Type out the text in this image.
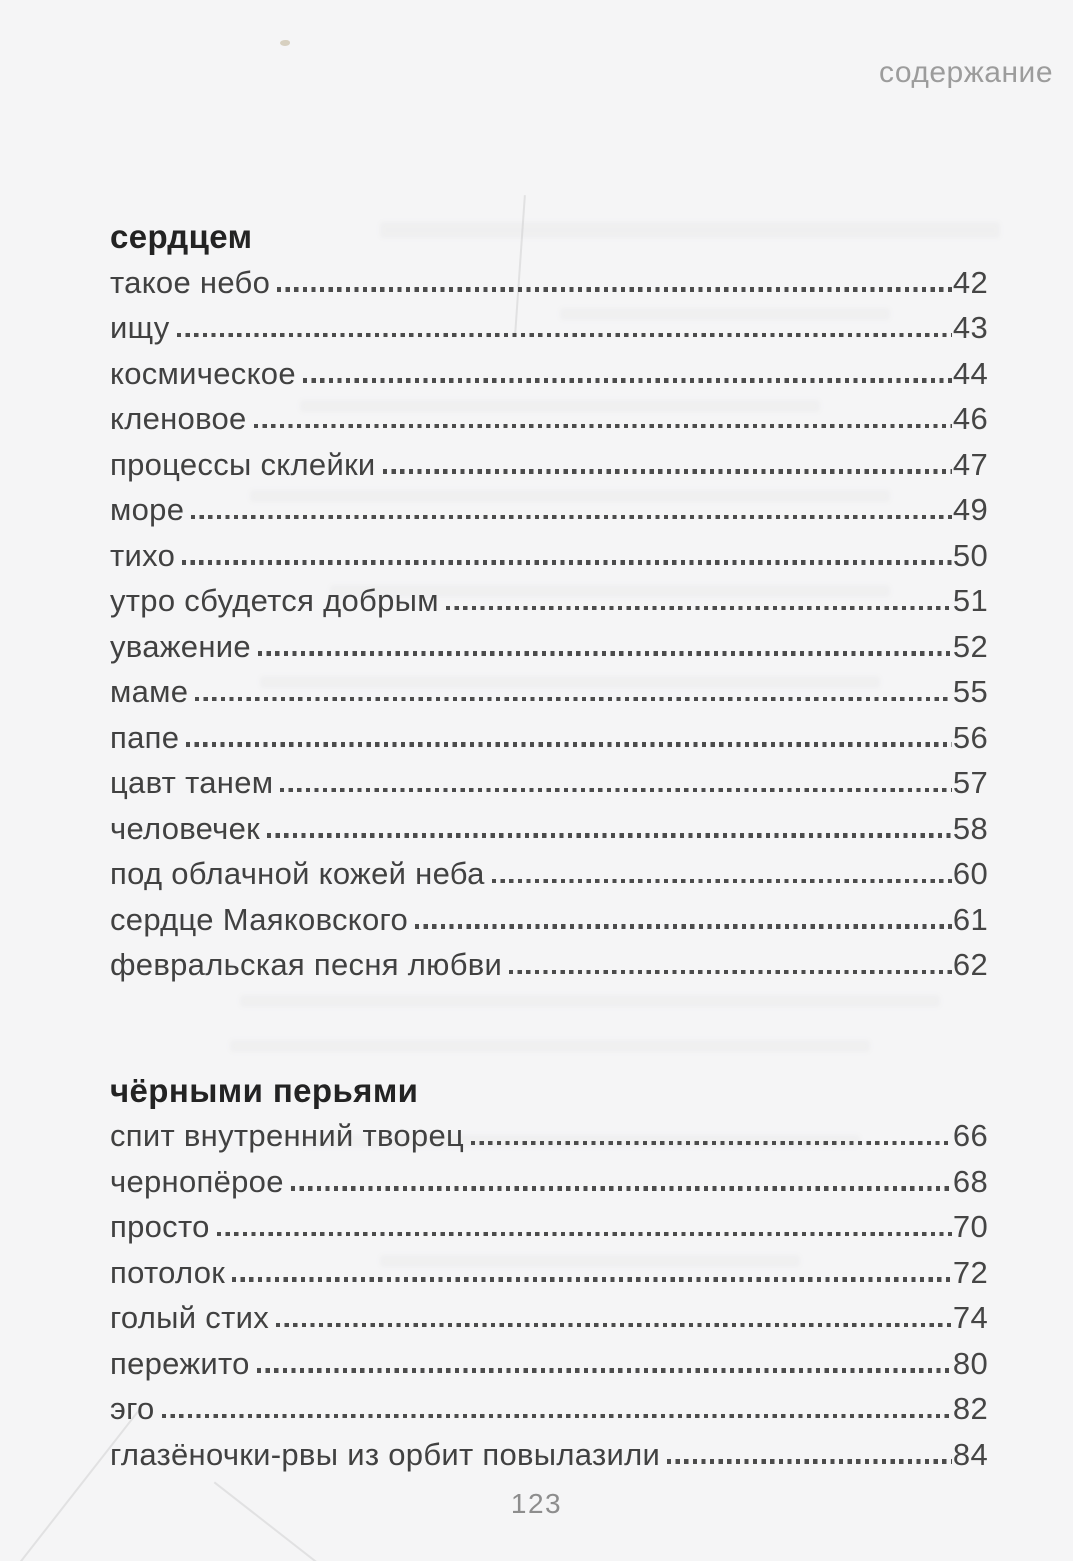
содержание
сердцем
такое небо	42
ищу	43
космическое	44
кленовое	46
процессы склейки	47
море	49
тихо	50
утро сбудется добрым	51
уважение	52
маме	55
папе	56
цавт танем	57
человечек	58
под облачной кожей неба	60
сердце Маяковского	61
февральская песня любви	62
чёрными перьями
спит внутренний творец	66
чернопёрое	68
просто	70
потолок	72
голый стих	74
пережито	80
эго	82
глазёночки-рвы из орбит повылазили	84
123
